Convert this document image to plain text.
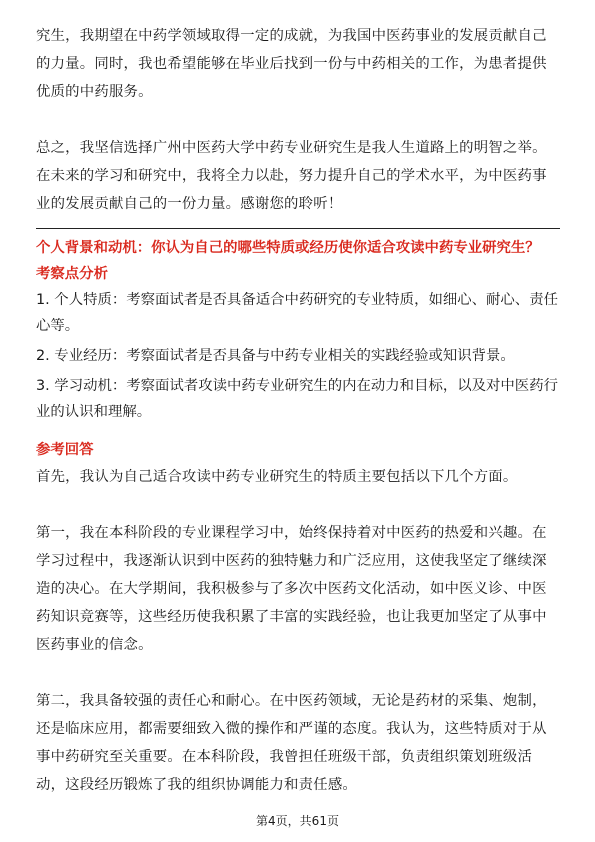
究生，我期望在中药学领域取得一定的成就，为我国中医药事业的发展贡献自己的力量。同时，我也希望能够在毕业后找到一份与中药相关的工作，为患者提供优质的中药服务。

总之，我坚信选择广州中医药大学中药专业研究生是我人生道路上的明智之举。在未来的学习和研究中，我将全力以赴，努力提升自己的学术水平，为中医药事业的发展贡献自己的一份力量。感谢您的聆听！

个人背景和动机：你认为自己的哪些特质或经历使你适合攻读中药专业研究生？

考察点分析

1. 个人特质：考察面试者是否具备适合中药研究的专业特质，如细心、耐心、责任心等。

2. 专业经历：考察面试者是否具备与中药专业相关的实践经验或知识背景。

3. 学习动机：考察面试者攻读中药专业研究生的内在动力和目标，以及对中医药行业的认识和理解。

参考回答

首先，我认为自己适合攻读中药专业研究生的特质主要包括以下几个方面。

第一，我在本科阶段的专业课程学习中，始终保持着对中医药的热爱和兴趣。在学习过程中，我逐渐认识到中医药的独特魅力和广泛应用，这使我坚定了继续深造的决心。在大学期间，我积极参与了多次中医药文化活动，如中医义诊、中医药知识竞赛等，这些经历使我积累了丰富的实践经验，也让我更加坚定了从事中医药事业的信念。

第二，我具备较强的责任心和耐心。在中医药领域，无论是药材的采集、炮制，还是临床应用，都需要细致入微的操作和严谨的态度。我认为，这些特质对于从事中药研究至关重要。在本科阶段，我曾担任班级干部，负责组织策划班级活动，这段经历锻炼了我的组织协调能力和责任感。

第4页，共61页
